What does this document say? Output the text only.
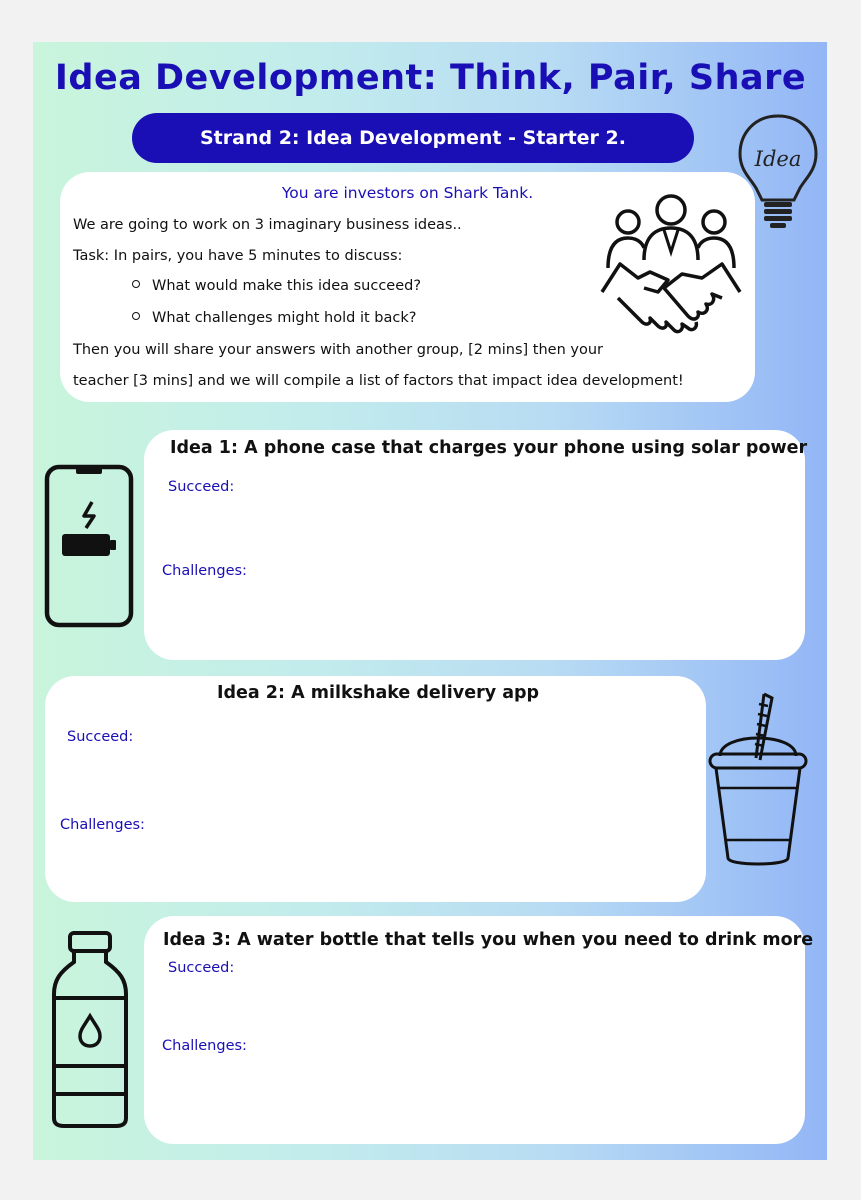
Idea Development: Think, Pair, Share
Strand 2: Idea Development - Starter 2.
Idea
You are investors on Shark Tank.
We are going to work on 3 imaginary business ideas..
Task: In pairs, you have 5 minutes to discuss:
What would make this idea succeed?
What challenges might hold it back?
Then you will share your answers with another group, [2 mins] then your
teacher [3 mins] and we will compile a list of factors that impact idea development!
Idea 1: A phone case that charges your phone using solar power
Succeed:
Challenges:
Idea 2: A milkshake delivery app
Succeed:
Challenges:
Idea 3: A water bottle that tells you when you need to drink more
Succeed:
Challenges:
